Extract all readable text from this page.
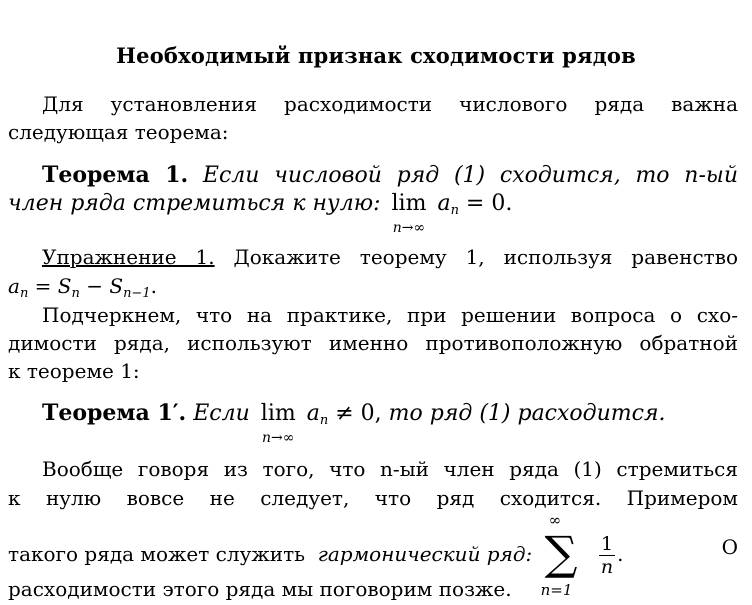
Необходимый признак сходимости рядов
Для установления расходимости числового ряда важна
следующая теорема:
Теорема 1. Если числовой ряд (1) сходится, то n-ый
член ряда стремиться к нулю: lim
n→∞
$a_n = 0$.
Упражнение 1. Докажите теорему 1, используя равенство
$a_n = S_n - S_{n-1}$.
Подчеркнем, что на практике, при решении вопроса о схо-
димости ряда, используют именно противоположную обратной
к теореме 1:
Теорема 1′. Если lim
n→∞
$a_n \ne 0$, то ряд (1) расходится.
Вообще говоря из того, что n-ый член ряда (1) стремиться
к нулю вовсе не следует, что ряд сходится. Примером
такого ряда может служить гармонический ряд:
∞
∑
n=1

$\frac{1}{n}$ .	О
расходимости этого ряда мы поговорим позже.
